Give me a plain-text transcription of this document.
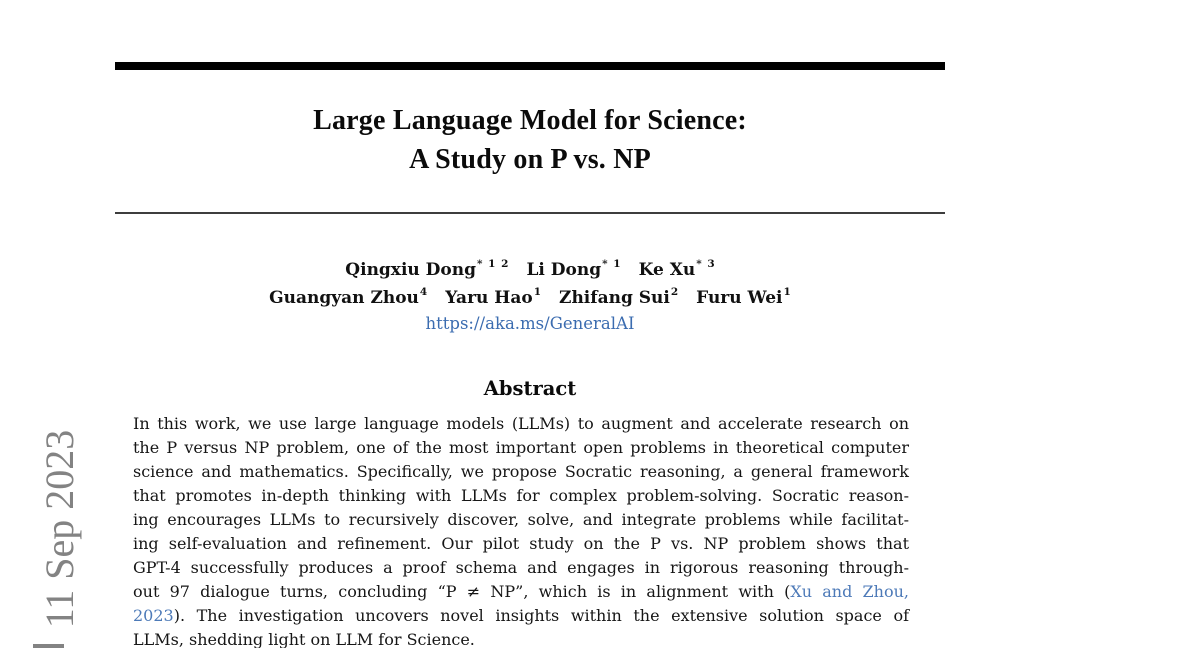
Large Language Model for Science:
A Study on P vs. NP
Qingxiu Dong$^{* 1 2}$ Li Dong$^{* 1}$ Ke Xu$^{* 3}$
Guangyan Zhou$^4$ Yaru Hao$^1$ Zhifang Sui$^2$ Furu Wei$^1$
https://aka.ms/GeneralAI
Abstract
In this work, we use large language models (LLMs) to augment and accelerate research on
the P versus NP problem, one of the most important open problems in theoretical computer
science and mathematics. Specifically, we propose Socratic reasoning, a general framework
that promotes in-depth thinking with LLMs for complex problem-solving. Socratic reason-
ing encourages LLMs to recursively discover, solve, and integrate problems while facilitat-
ing self-evaluation and refinement. Our pilot study on the P vs. NP problem shows that
GPT-4 successfully produces a proof schema and engages in rigorous reasoning through-
out 97 dialogue turns, concluding “P ≠ NP”, which is in alignment with (Xu and Zhou,
2023). The investigation uncovers novel insights within the extensive solution space of
LLMs, shedding light on LLM for Science.
11 Sep 2023
